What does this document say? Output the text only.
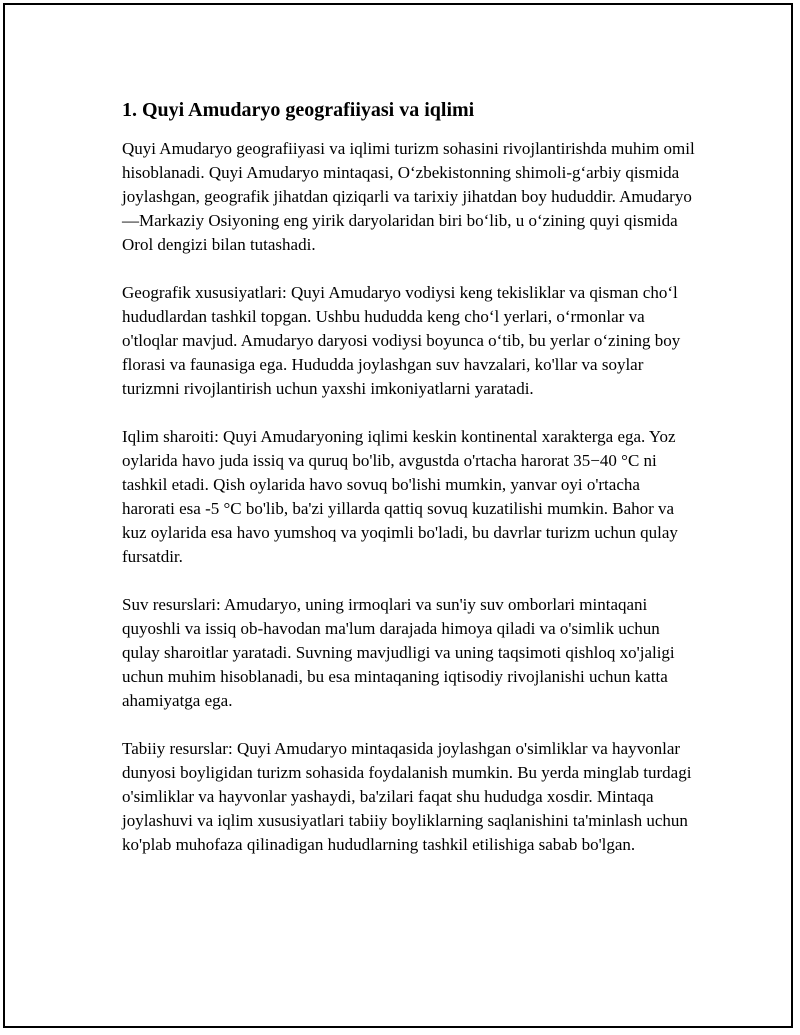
1. Quyi Amudaryo geografiiyasi va iqlimi

Quyi Amudaryo geografiiyasi va iqlimi turizm sohasini rivojlantirishda muhim omil hisoblanadi. Quyi Amudaryo mintaqasi, O‘zbekistonning shimoli-g‘arbiy qismida joylashgan, geografik jihatdan qiziqarli va tarixiy jihatdan boy hududdir. Amudaryo—Markaziy Osiyoning eng yirik daryolaridan biri bo‘lib, u o‘zining quyi qismida Orol dengizi bilan tutashadi.

Geografik xususiyatlari: Quyi Amudaryo vodiysi keng tekisliklar va qisman cho‘l hududlardan tashkil topgan. Ushbu hududda keng cho‘l yerlari, o‘rmonlar va o'tloqlar mavjud. Amudaryo daryosi vodiysi boyunca o‘tib, bu yerlar o‘zining boy florasi va faunasiga ega. Hududda joylashgan suv havzalari, ko'llar va soylar turizmni rivojlantirish uchun yaxshi imkoniyatlarni yaratadi.

Iqlim sharoiti: Quyi Amudaryoning iqlimi keskin kontinental xarakterga ega. Yoz oylarida havo juda issiq va quruq bo'lib, avgustda o'rtacha harorat 35−40 °C ni tashkil etadi. Qish oylarida havo sovuq bo'lishi mumkin, yanvar oyi o'rtacha harorati esa -5 °C bo'lib, ba'zi yillarda qattiq sovuq kuzatilishi mumkin. Bahor va kuz oylarida esa havo yumshoq va yoqimli bo'ladi, bu davrlar turizm uchun qulay fursatdir.

Suv resurslari: Amudaryo, uning irmoqlari va sun'iy suv omborlari mintaqani quyoshli va issiq ob-havodan ma'lum darajada himoya qiladi va o'simlik uchun qulay sharoitlar yaratadi. Suvning mavjudligi va uning taqsimoti qishloq xo'jaligi uchun muhim hisoblanadi, bu esa mintaqaning iqtisodiy rivojlanishi uchun katta ahamiyatga ega.

Tabiiy resurslar: Quyi Amudaryo mintaqasida joylashgan o'simliklar va hayvonlar dunyosi boyligidan turizm sohasida foydalanish mumkin. Bu yerda minglab turdagi o'simliklar va hayvonlar yashaydi, ba'zilari faqat shu hududga xosdir. Mintaqa joylashuvi va iqlim xususiyatlari tabiiy boyliklarning saqlanishini ta'minlash uchun ko'plab muhofaza qilinadigan hududlarning tashkil etilishiga sabab bo'lgan.
